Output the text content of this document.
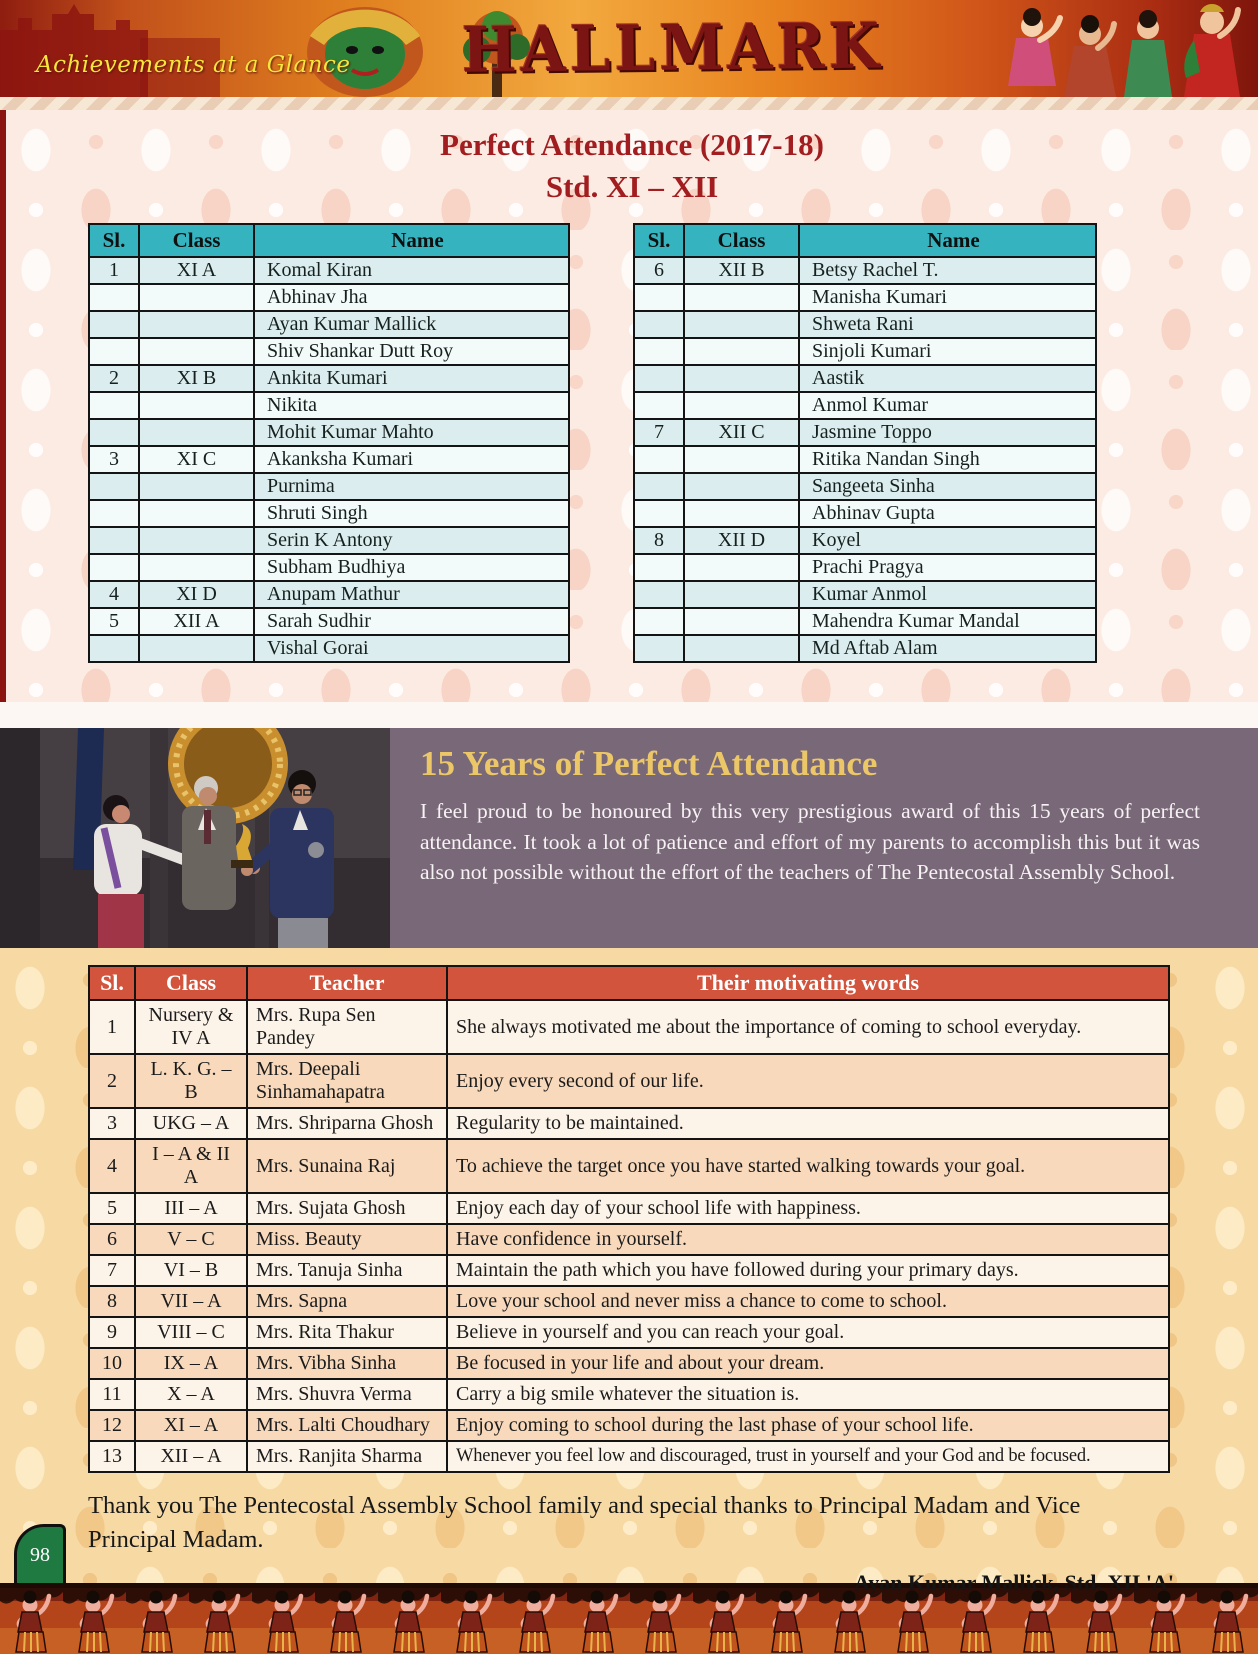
Achievements at a Glance HALLMARK
Perfect Attendance (2017-18)
Std. XI – XII
Sl.	Class	Name
1	XI A	Komal Kiran
		Abhinav Jha
		Ayan Kumar Mallick
		Shiv Shankar Dutt Roy
2	XI B	Ankita Kumari
		Nikita
		Mohit Kumar Mahto
3	XI C	Akanksha Kumari
		Purnima
		Shruti Singh
		Serin K Antony
		Subham Budhiya
4	XI D	Anupam Mathur
5	XII A	Sarah Sudhir
		Vishal Gorai
Sl.	Class	Name
6	XII B	Betsy Rachel T.
		Manisha Kumari
		Shweta Rani
		Sinjoli Kumari
		Aastik
		Anmol Kumar
7	XII C	Jasmine Toppo
		Ritika Nandan Singh
		Sangeeta Sinha
		Abhinav Gupta
8	XII D	Koyel
		Prachi Pragya
		Kumar Anmol
		Mahendra Kumar Mandal
		Md Aftab Alam
15 Years of Perfect Attendance

I feel proud to be honoured by this very prestigious award of this 15 years of perfect attendance. It took a lot of patience and effort of my parents to accomplish this but it was also not possible without the effort of the teachers of The Pentecostal Assembly School.

Sl.	Class	Teacher	Their motivating words
1	Nursery & IV A	Mrs. Rupa Sen Pandey	She always motivated me about the importance of coming to school everyday.
2	L. K. G. – B	Mrs. Deepali Sinhamahapatra	Enjoy every second of our life.
3	UKG – A	Mrs. Shriparna Ghosh	Regularity to be maintained.
4	I – A & II A	Mrs. Sunaina Raj	To achieve the target once you have started walking towards your goal.
5	III – A	Mrs. Sujata Ghosh	Enjoy each day of your school life with happiness.
6	V – C	Miss. Beauty	Have confidence in yourself.
7	VI – B	Mrs. Tanuja Sinha	Maintain the path which you have followed during your primary days.
8	VII – A	Mrs. Sapna	Love your school and never miss a chance to come to school.
9	VIII – C	Mrs. Rita Thakur	Believe in yourself and you can reach your goal.
10	IX – A	Mrs. Vibha Sinha	Be focused in your life and about your dream.
11	X – A	Mrs. Shuvra Verma	Carry a big smile whatever the situation is.
12	XI – A	Mrs. Lalti Choudhary	Enjoy coming to school during the last phase of your school life.
13	XII – A	Mrs. Ranjita Sharma	Whenever you feel low and discouraged, trust in yourself and your God and be focused.

Thank you The Pentecostal Assembly School family and special thanks to Principal Madam and Vice Principal Madam.

Ayan Kumar Mallick, Std. XII 'A'

98
